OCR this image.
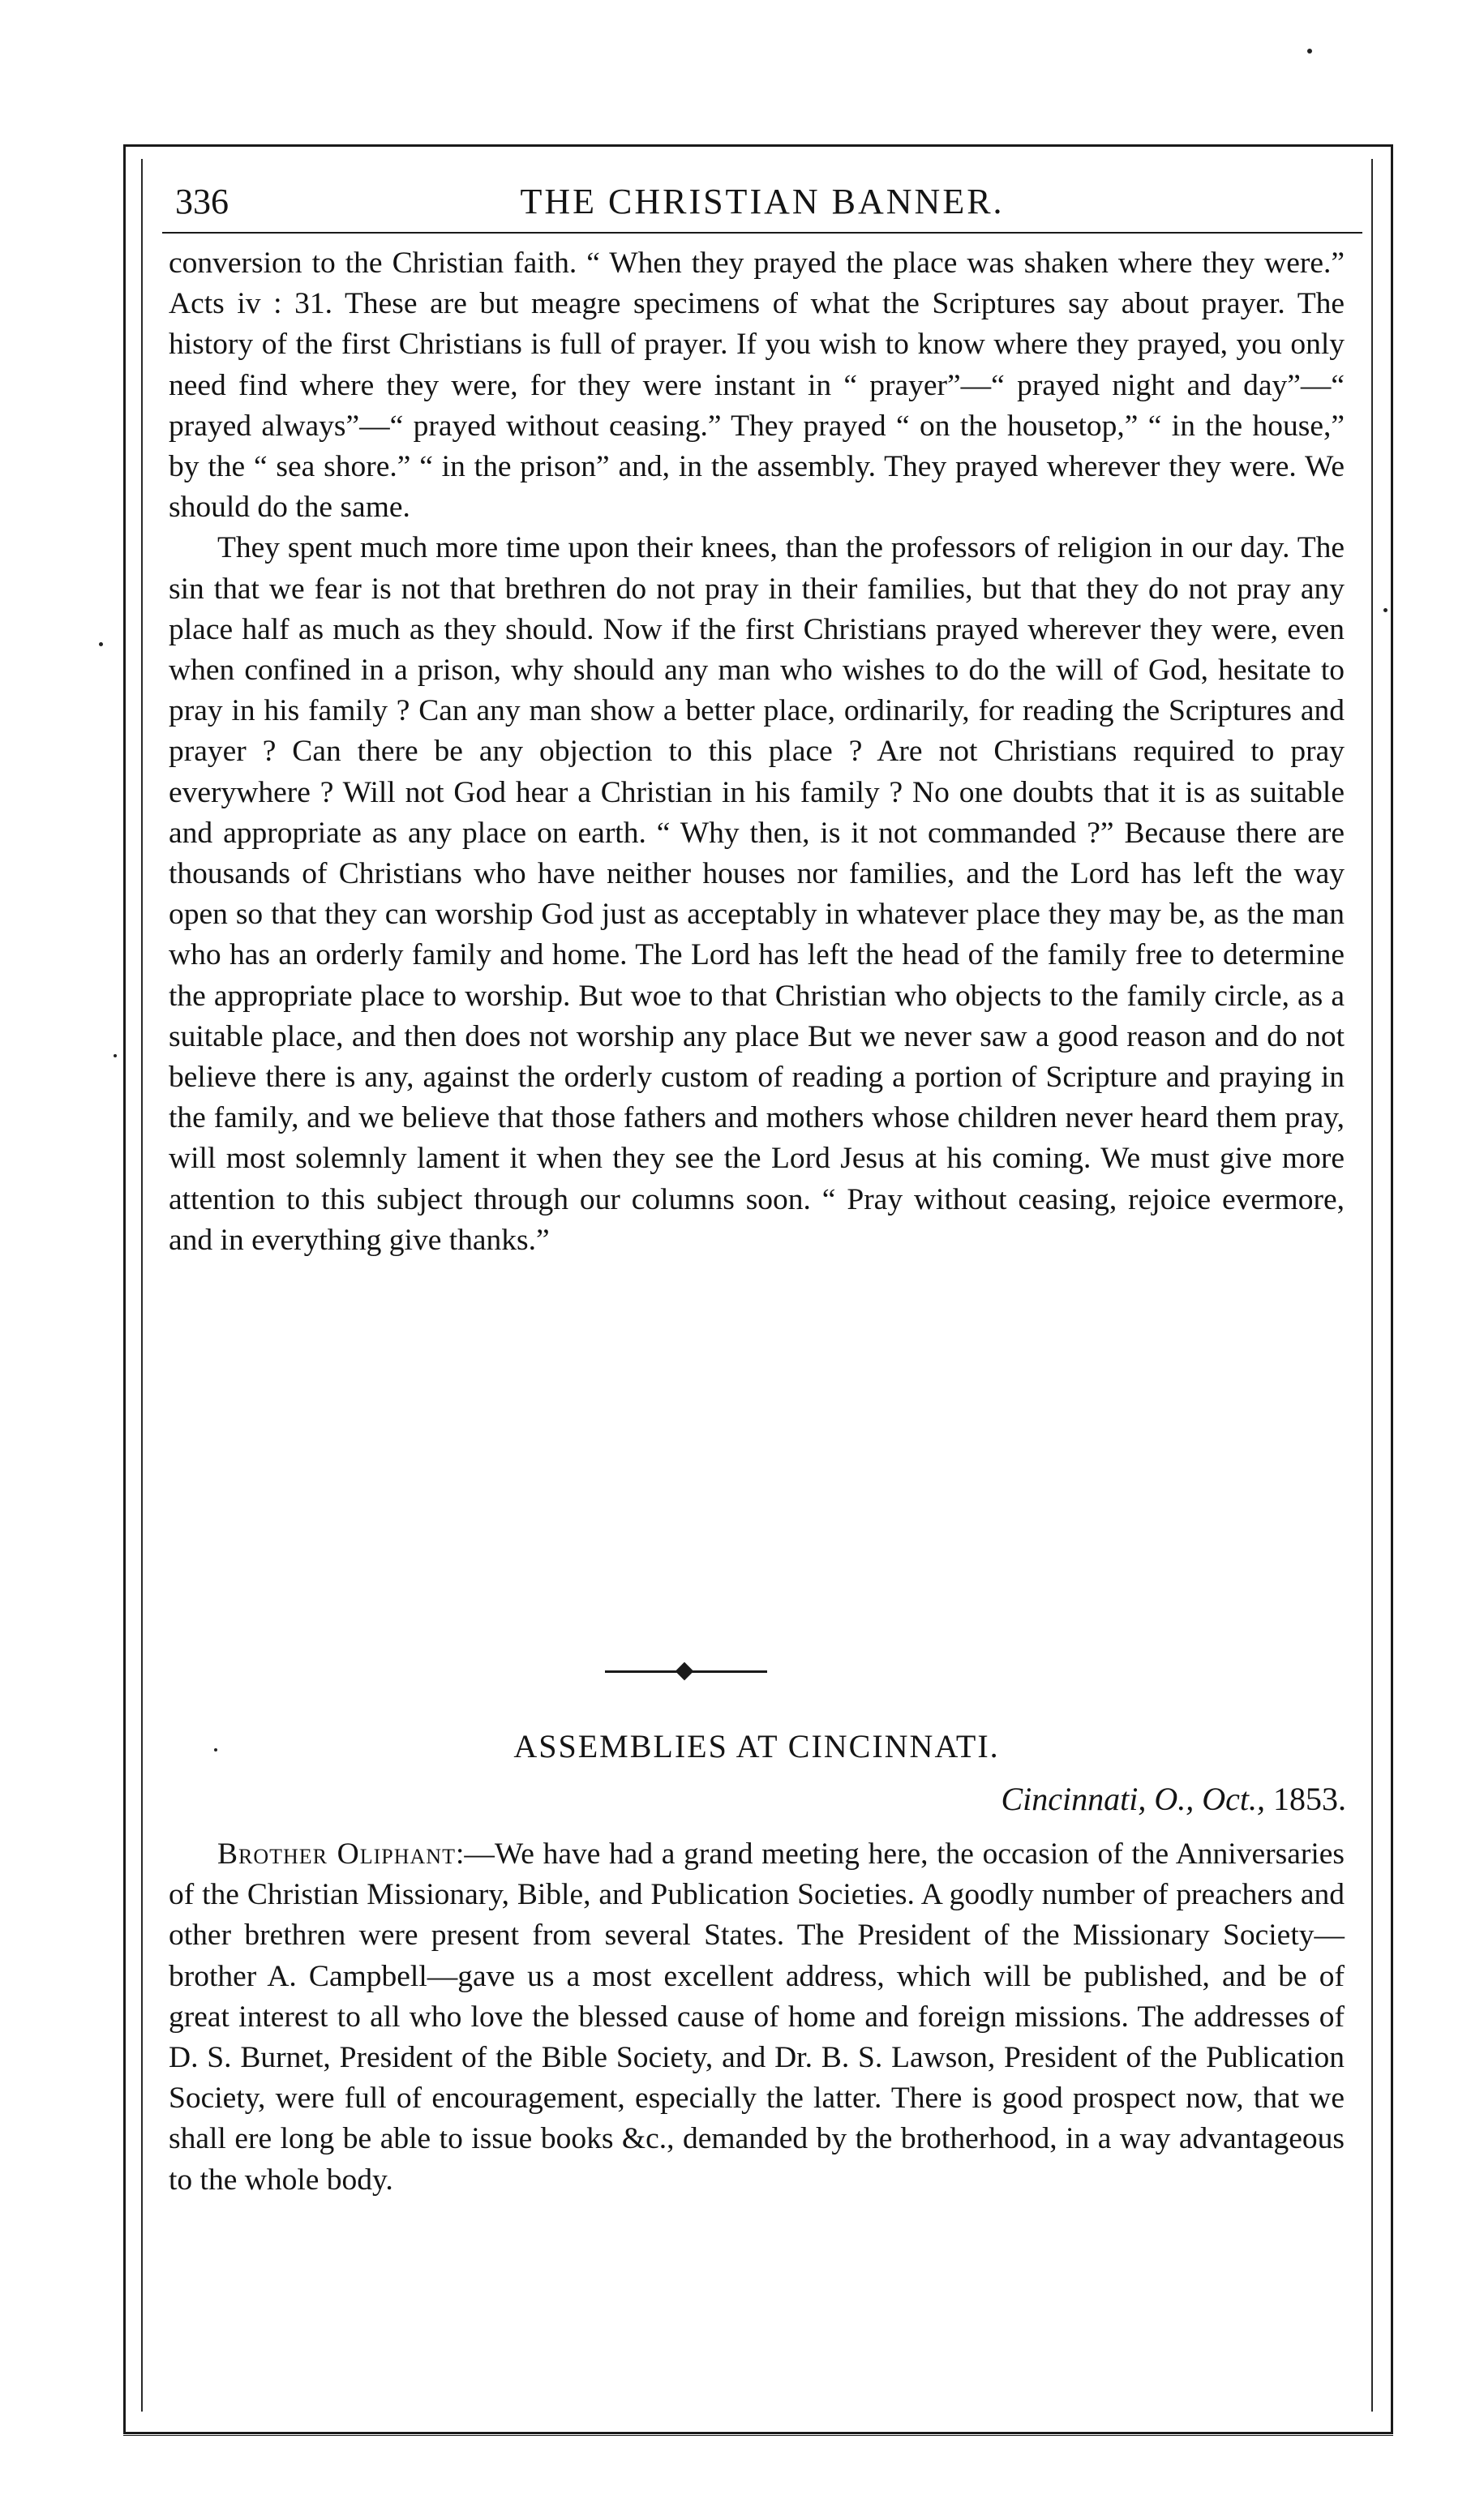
336	THE CHRISTIAN BANNER.

conversion to the Christian faith. “ When they prayed the place was shaken where they were.” Acts iv : 31. These are but meagre specimens of what the Scriptures say about prayer. The history of the first Christians is full of prayer. If you wish to know where they prayed, you only need find where they were, for they were instant in “ prayer”—“ prayed night and day”—“ prayed always”—“ prayed without ceasing.” They prayed “ on the housetop,” “ in the house,” by the “ sea shore.” “ in the prison” and, in the assembly. They prayed wherever they were. We should do the same.

They spent much more time upon their knees, than the professors of religion in our day. The sin that we fear is not that brethren do not pray in their families, but that they do not pray any place half as much as they should. Now if the first Christians prayed wherever they were, even when confined in a prison, why should any man who wishes to do the will of God, hesitate to pray in his family ? Can any man show a better place, ordinarily, for reading the Scriptures and prayer ? Can there be any objection to this place ? Are not Christians required to pray everywhere ? Will not God hear a Christian in his family ? No one doubts that it is as suitable and appropriate as any place on earth. “ Why then, is it not commanded ?” Because there are thousands of Christians who have neither houses nor families, and the Lord has left the way open so that they can worship God just as acceptably in whatever place they may be, as the man who has an orderly family and home. The Lord has left the head of the family free to determine the appropriate place to worship. But woe to that Christian who objects to the family circle, as a suitable place, and then does not worship any place But we never saw a good reason and do not believe there is any, against the orderly custom of reading a portion of Scripture and praying in the family, and we believe that those fathers and mothers whose children never heard them pray, will most solemnly lament it when they see the Lord Jesus at his coming. We must give more attention to this subject through our columns soon. “ Pray without ceasing, rejoice evermore, and in everything give thanks.”

ASSEMBLIES AT CINCINNATI.
Cincinnati, O., Oct., 1853.

Brother Oliphant:—We have had a grand meeting here, the occasion of the Anniversaries of the Christian Missionary, Bible, and Publication Societies. A goodly number of preachers and other brethren were present from several States. The President of the Missionary Society—brother A. Campbell—gave us a most excellent address, which will be published, and be of great interest to all who love the blessed cause of home and foreign missions. The addresses of D. S. Burnet, President of the Bible Society, and Dr. B. S. Lawson, President of the Publication Society, were full of encouragement, especially the latter. There is good prospect now, that we shall ere long be able to issue books &c., demanded by the brotherhood, in a way advantageous to the whole body.
